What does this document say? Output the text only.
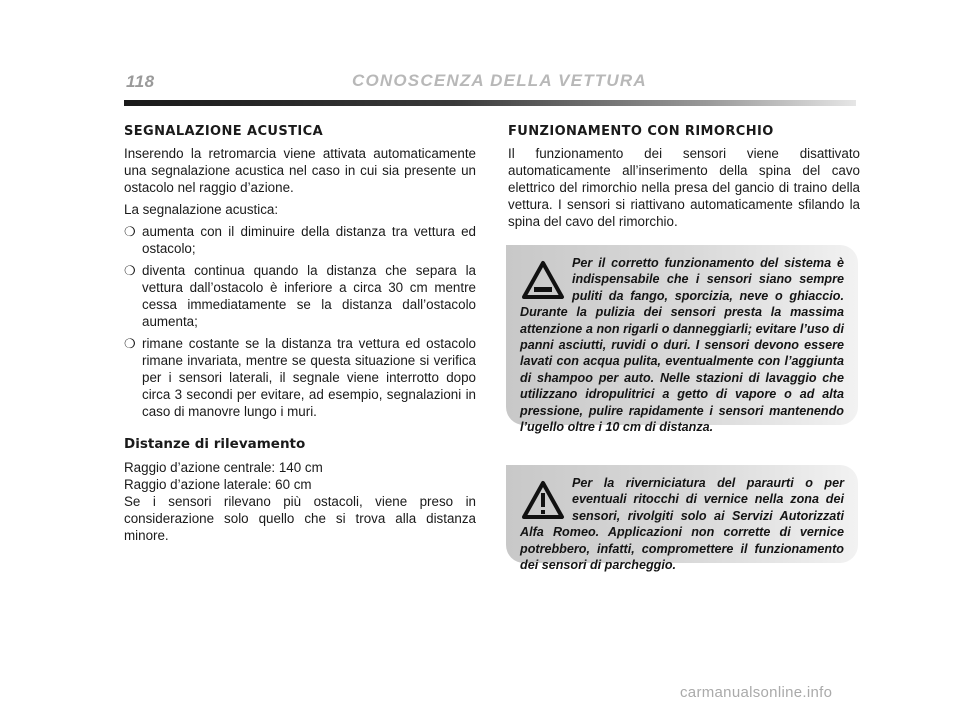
118	CONOSCENZA DELLA VETTURA
SEGNALAZIONE ACUSTICA

Inserendo la retromarcia viene attivata automaticamente una segnalazione acustica nel caso in cui sia presente un ostacolo nel raggio d’azione.

La segnalazione acustica:

❍ aumenta con il diminuire della distanza tra vettura ed ostacolo;
❍ diventa continua quando la distanza che separa la vettura dall’ostacolo è inferiore a circa 30 cm mentre cessa immediatamente se la distanza dall’ostacolo aumenta;
❍ rimane costante se la distanza tra vettura ed ostacolo rimane invariata, mentre se questa situazione si verifica per i sensori laterali, il segnale viene interrotto dopo circa 3 secondi per evitare, ad esempio, segnalazioni in caso di manovre lungo i muri.
Distanze di rilevamento

Raggio d’azione centrale: 140 cm

Raggio d’azione laterale: 60 cm

Se i sensori rilevano più ostacoli, viene preso in considerazione solo quello che si trova alla distanza minore.

FUNZIONAMENTO CON RIMORCHIO

Il funzionamento dei sensori viene disattivato automaticamente all’inserimento della spina del cavo elettrico del rimorchio nella presa del gancio di traino della vettura. I sensori si riattivano automaticamente sfilando la spina del cavo del rimorchio.

Per il corretto funzionamento del sistema è indispensabile che i sensori siano sempre puliti da fango, sporcizia, neve o ghiaccio. Durante la pulizia dei sensori presta la massima attenzione a non rigarli o danneggiarli; evitare l’uso di panni asciutti, ruvidi o duri. I sensori devono essere lavati con acqua pulita, eventualmente con l’aggiunta di shampoo per auto. Nelle stazioni di lavaggio che utilizzano idropulitrici a getto di vapore o ad alta pressione, pulire rapidamente i sensori mantenendo l’ugello oltre i 10 cm di distanza.
Per la riverniciatura del paraurti o per eventuali ritocchi di vernice nella zona dei sensori, rivolgiti solo ai Servizi Autorizzati Alfa Romeo. Applicazioni non corrette di vernice potrebbero, infatti, compromettere il funzionamento dei sensori di parcheggio.
carmanualsonline.info
